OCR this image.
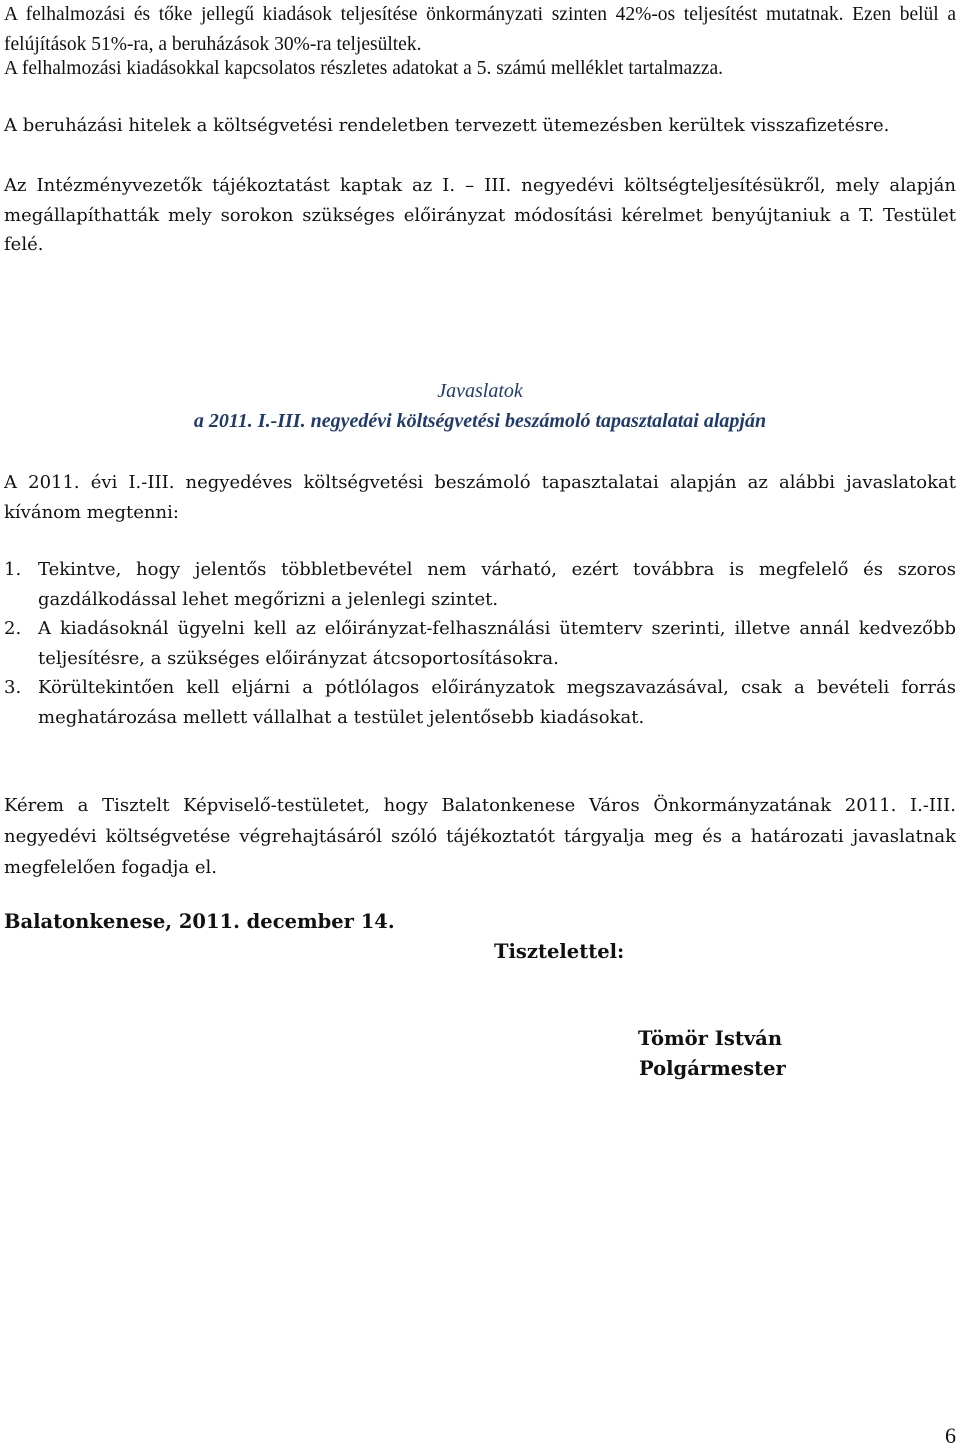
A felhalmozási és tőke jellegű kiadások teljesítése önkormányzati szinten 42%-os teljesítést mutatnak. Ezen belül a felújítások 51%-ra, a beruházások 30%-ra teljesültek.

A felhalmozási kiadásokkal kapcsolatos részletes adatokat a 5. számú melléklet tartalmazza.

A beruházási hitelek a költségvetési rendeletben tervezett ütemezésben kerültek visszafizetésre.

Az Intézményvezetők tájékoztatást kaptak az I. – III. negyedévi költségteljesítésükről, mely alapján megállapíthatták mely sorokon szükséges előirányzat módosítási kérelmet benyújtaniuk a T. Testület felé.

Javaslatok

a 2011. I.-III. negyedévi költségvetési beszámoló tapasztalatai alapján

A 2011. évi I.-III. negyedéves költségvetési beszámoló tapasztalatai alapján az alábbi javaslatokat kívánom megtenni:

1. Tekintve, hogy jelentős többletbevétel nem várható, ezért továbbra is megfelelő és szoros gazdálkodással lehet megőrizni a jelenlegi szintet.
2. A kiadásoknál ügyelni kell az előirányzat-felhasználási ütemterv szerinti, illetve annál kedvezőbb teljesítésre, a szükséges előirányzat átcsoportosításokra.
3. Körültekintően kell eljárni a pótlólagos előirányzatok megszavazásával, csak a bevételi forrás meghatározása mellett vállalhat a testület jelentősebb kiadásokat.

Kérem a Tisztelt Képviselő-testületet, hogy Balatonkenese Város Önkormányzatának 2011. I.-III. negyedévi költségvetése végrehajtásáról szóló tájékoztatót tárgyalja meg és a határozati javaslatnak megfelelően fogadja el.

Balatonkenese, 2011. december 14.

Tisztelettel:

Tömör István

Polgármester

6
